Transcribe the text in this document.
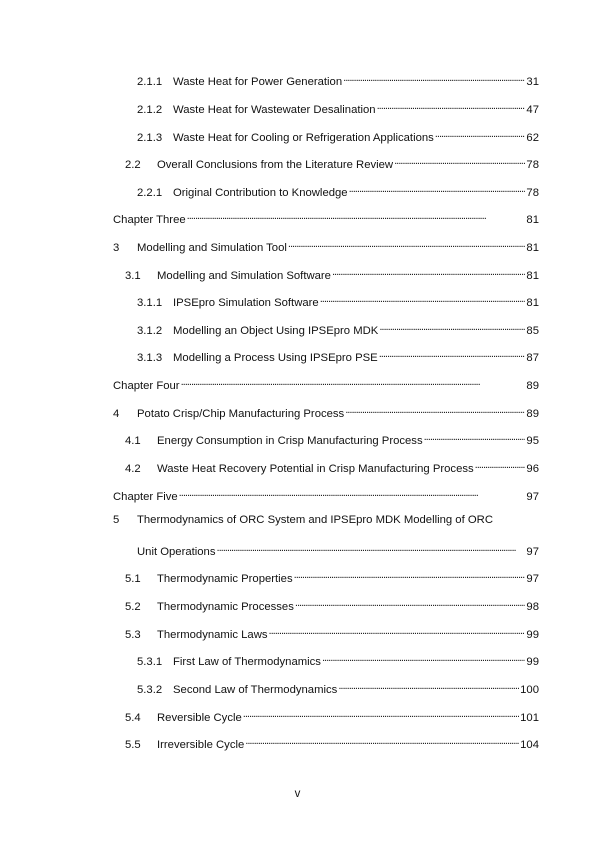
2.1.1 Waste Heat for Power Generation . . .	31
2.1.2 Waste Heat for Wastewater Desalination . . .	47
2.1.3 Waste Heat for Cooling or Refrigeration Applications . . .	62
2.2	Overall Conclusions from the Literature Review . . .	78
2.2.1 Original Contribution to Knowledge . . .	78
Chapter Three . . .	81
3	Modelling and Simulation Tool . . .	81
3.1	Modelling and Simulation Software . . .	81
3.1.1 IPSEpro Simulation Software . . .	81
3.1.2 Modelling an Object Using IPSEpro MDK . . .	85
3.1.3 Modelling a Process Using IPSEpro PSE . . .	87
Chapter Four . . .	89
4	Potato Crisp/Chip Manufacturing Process . . .	89
4.1	Energy Consumption in Crisp Manufacturing Process . . .	95
4.2	Waste Heat Recovery Potential in Crisp Manufacturing Process . . .	96
Chapter Five . . .	97
5	Thermodynamics of ORC System and IPSEpro MDK Modelling of ORC
Unit Operations . . .	97
5.1	Thermodynamic Properties . . .	97
5.2	Thermodynamic Processes . . .	98
5.3	Thermodynamic Laws . . .	99
5.3.1 First Law of Thermodynamics . . .	99
5.3.2 Second Law of Thermodynamics . . .	100
5.4	Reversible Cycle . . .	101
5.5	Irreversible Cycle . . .	104
v
